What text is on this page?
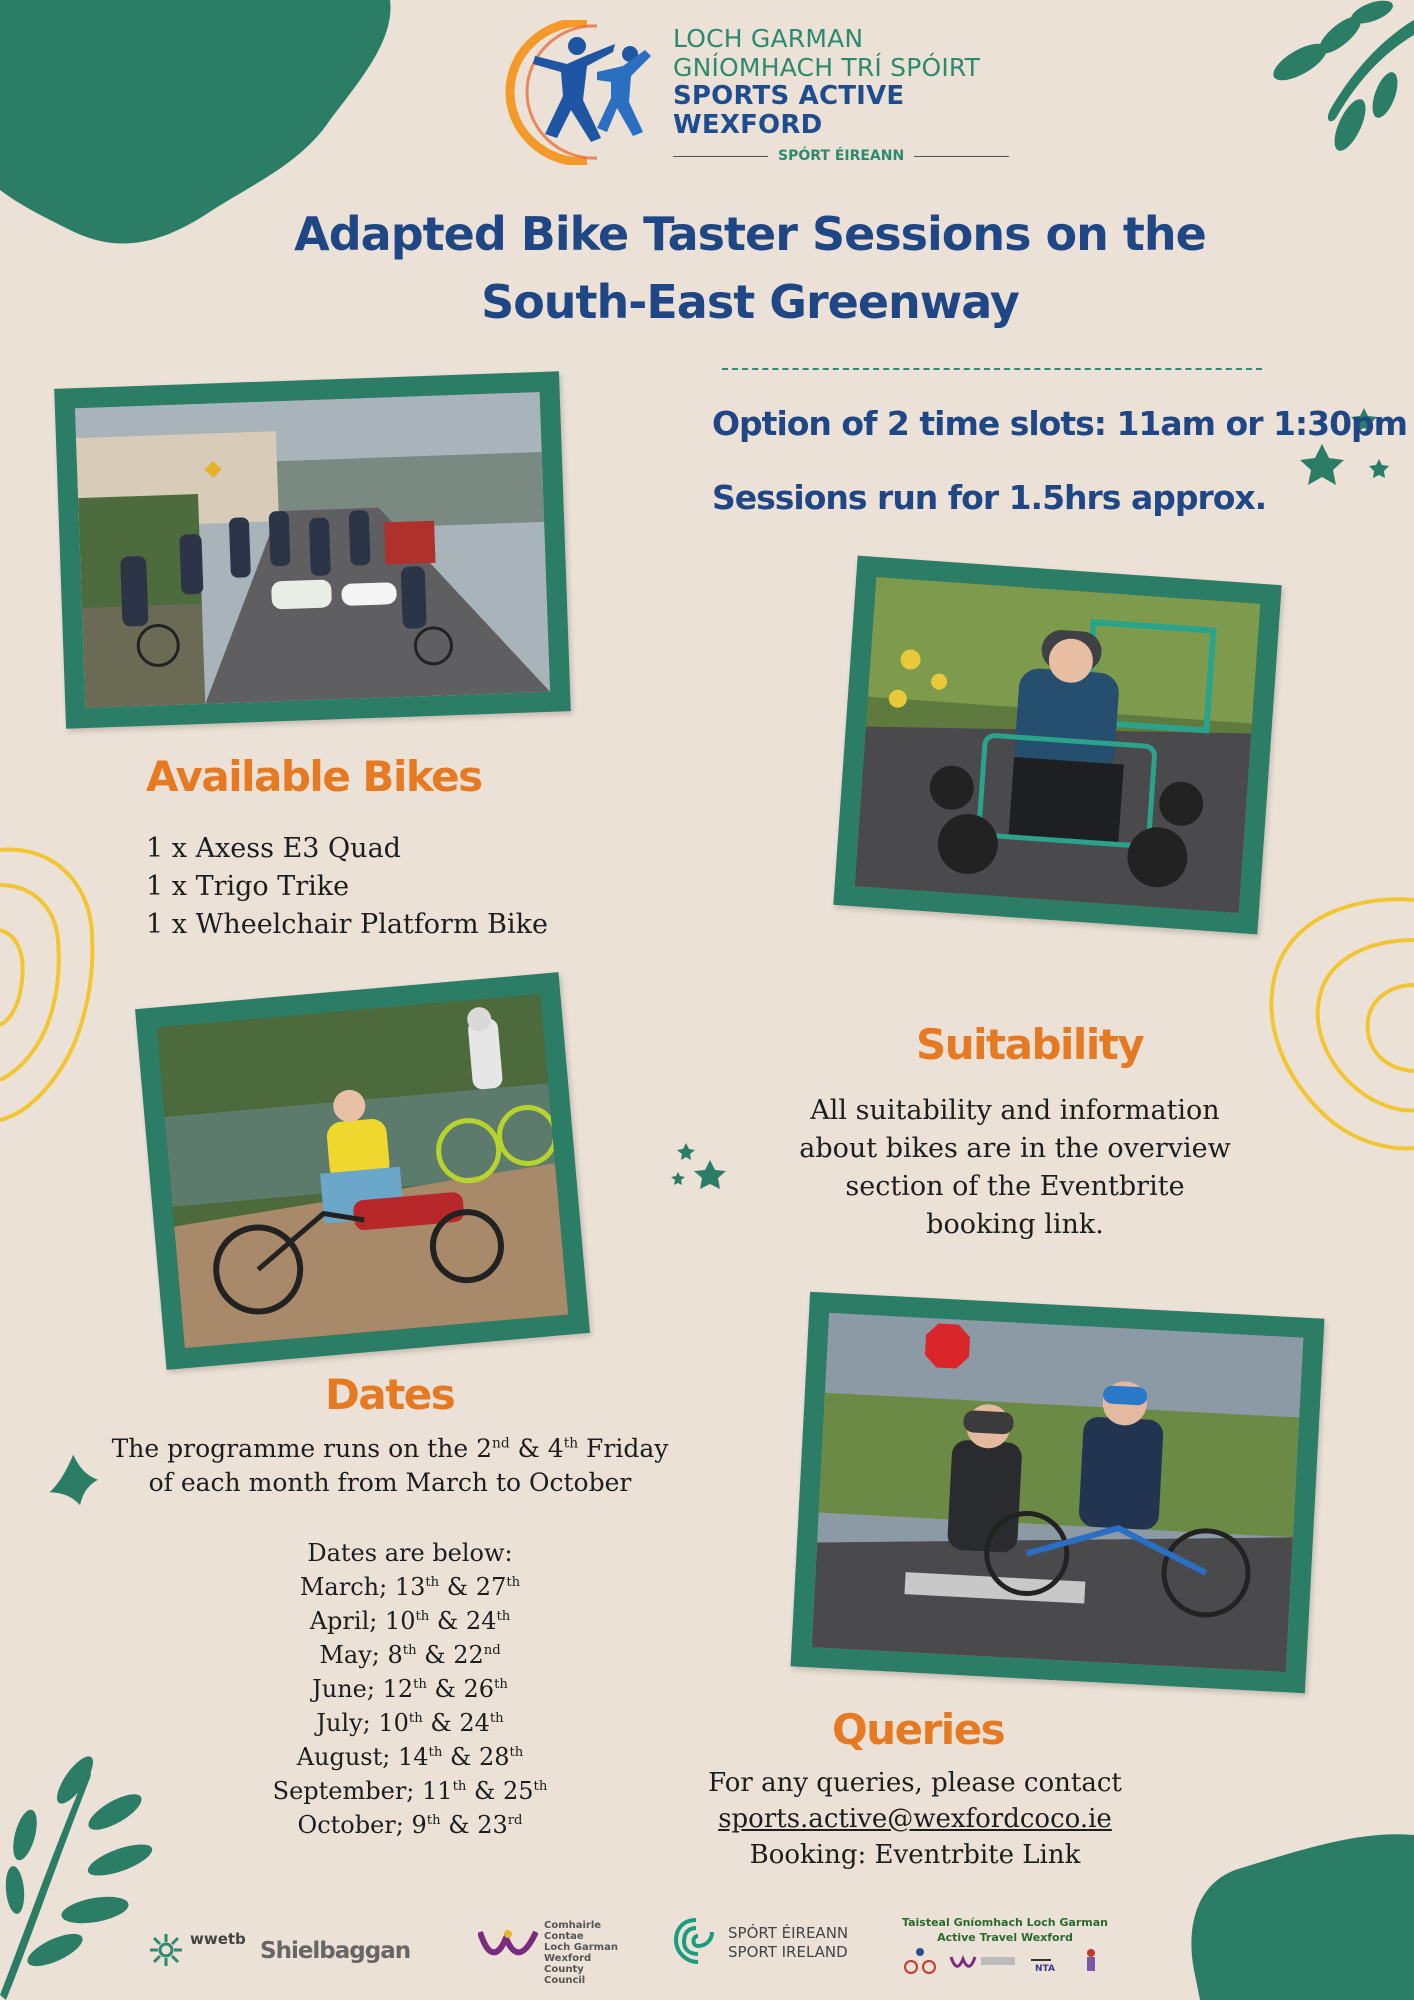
LOCH GARMAN
GNÍOMHACH TRÍ SPÓIRT
SPORTS ACTIVE
WEXFORD
SPÓRT ÉIREANN
Adapted Bike Taster Sessions on the
South-East Greenway
Option of 2 time slots: 11am or 1:30pm
Sessions run for 1.5hrs approx.
Available Bikes
1 x Axess E3 Quad
1 x Trigo Trike
1 x Wheelchair Platform Bike
Suitability
All suitability and information
about bikes are in the overview
section of the Eventbrite
booking link.
Dates
The programme runs on the 2nd & 4th Friday
of each month from March to October
Dates are below:
March; 13th & 27th
April; 10th & 24th
May; 8th & 22nd
June; 12th & 26th
July; 10th & 24th
August; 14th & 28th
September; 11th & 25th
October; 9th & 23rd
Queries
For any queries, please contact
sports.active@wexfordcoco.ie
Booking: Eventrbite Link
wwetb Shielbaggan
Comhairle Contae
Loch Garman
Wexford
County Council
SPÓRT ÉIREANN
SPORT IRELAND
Taisteal Gníomhach Loch Garman
Active Travel Wexford
NTA
